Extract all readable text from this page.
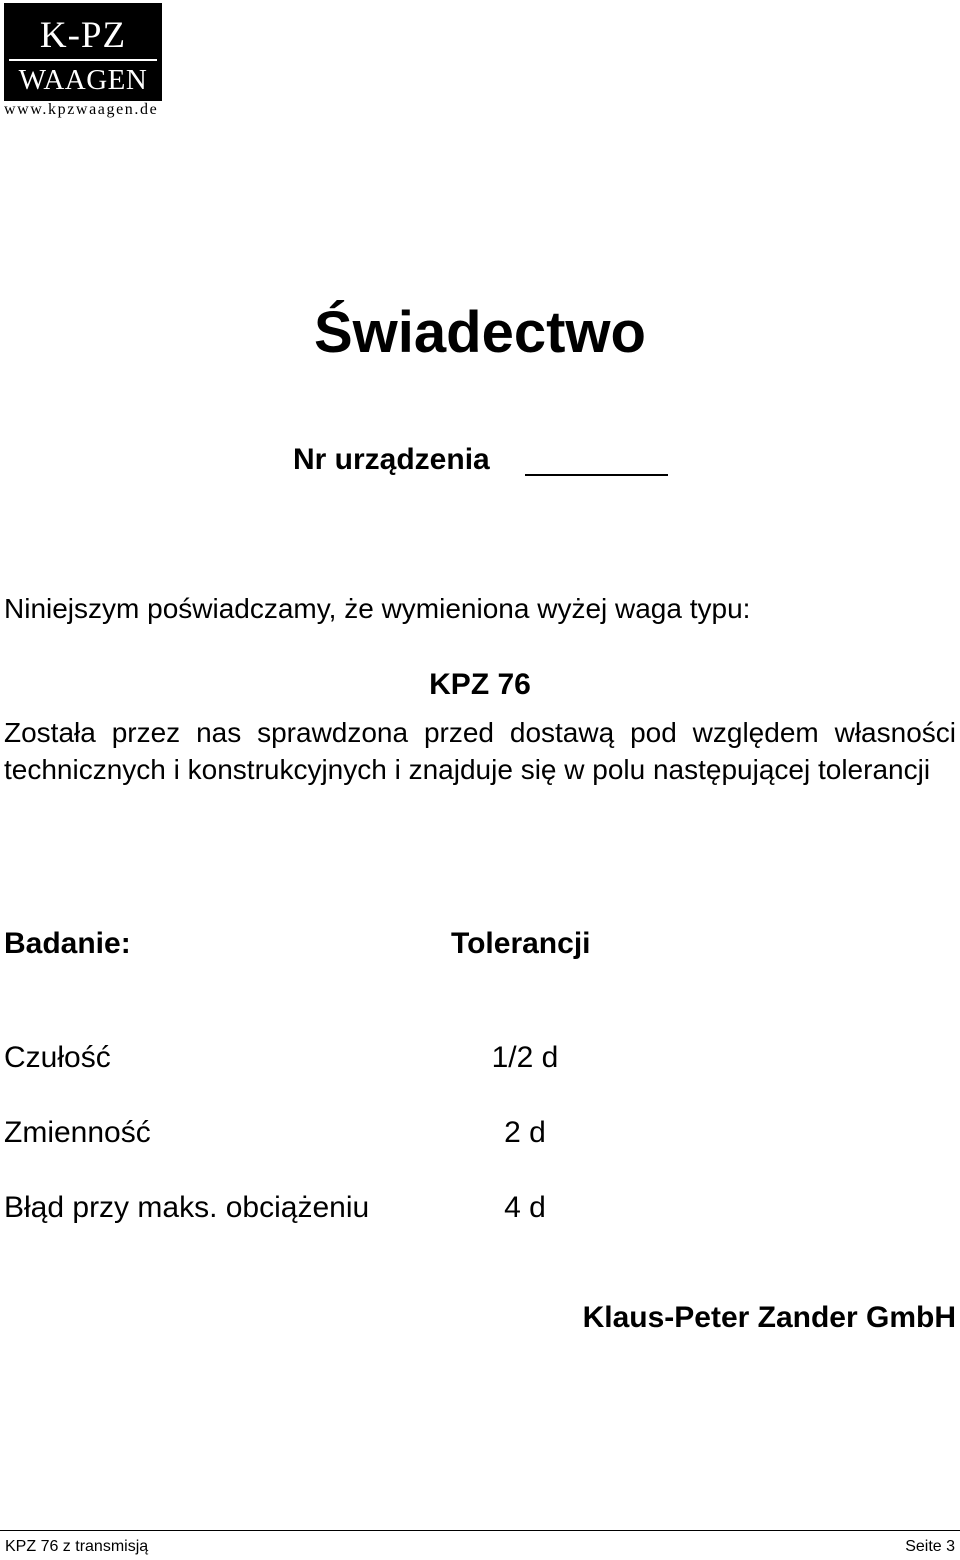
K-PZ
WAAGEN
www.kpzwaagen.de
Świadectwo
Nr urządzenia
Niniejszym poświadczamy, że wymieniona wyżej waga typu:
KPZ 76
Została przez nas sprawdzona przed dostawą pod względem własności technicznych i konstrukcyjnych i znajduje się w polu następującej tolerancji
Badanie:	Tolerancji
Czułość	1/2 d
Zmienność	2 d
Błąd przy maks. obciążeniu	4 d
Klaus-Peter Zander GmbH
KPZ 76 z transmisją	Seite 3
